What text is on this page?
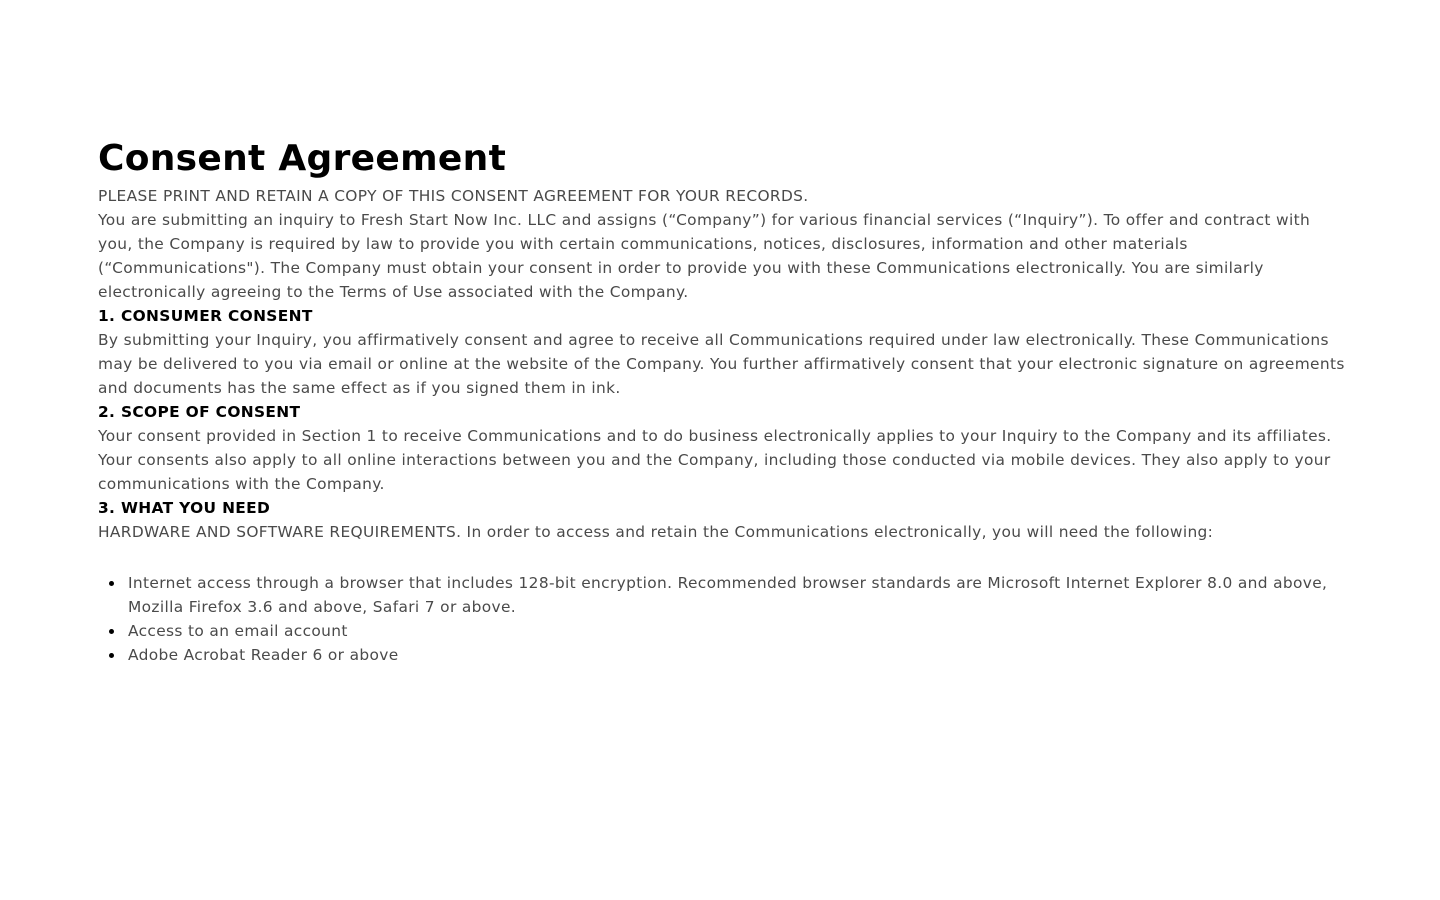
Consent Agreement

PLEASE PRINT AND RETAIN A COPY OF THIS CONSENT AGREEMENT FOR YOUR RECORDS.

You are submitting an inquiry to Fresh Start Now Inc. LLC and assigns (“Company”) for various financial services (“Inquiry”). To offer and contract with you, the Company is required by law to provide you with certain communications, notices, disclosures, information and other materials (“Communications"). The Company must obtain your consent in order to provide you with these Communications electronically. You are similarly electronically agreeing to the Terms of Use associated with the Company.

1. CONSUMER CONSENT

By submitting your Inquiry, you affirmatively consent and agree to receive all Communications required under law electronically. These Communications may be delivered to you via email or online at the website of the Company. You further affirmatively consent that your electronic signature on agreements and documents has the same effect as if you signed them in ink.

2. SCOPE OF CONSENT

Your consent provided in Section 1 to receive Communications and to do business electronically applies to your Inquiry to the Company and its affiliates. Your consents also apply to all online interactions between you and the Company, including those conducted via mobile devices. They also apply to your communications with the Company.

3. WHAT YOU NEED

HARDWARE AND SOFTWARE REQUIREMENTS. In order to access and retain the Communications electronically, you will need the following:

Internet access through a browser that includes 128-bit encryption. Recommended browser standards are Microsoft Internet Explorer 8.0 and above, Mozilla Firefox 3.6 and above, Safari 7 or above.
Access to an email account
Adobe Acrobat Reader 6 or above
